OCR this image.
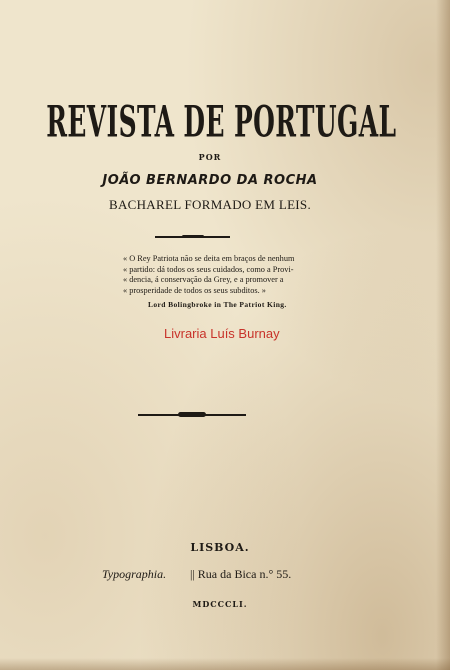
REVISTA DE PORTUGAL
POR
JOÃO BERNARDO DA ROCHA
BACHAREL FORMADO EM LEIS.
« O Rey Patriota não se deita em braços de nenhum
« partido: dá todos os seus cuidados, como a Provi-
« dencia, á conservação da Grey, e a promover a
« prosperidade de todos os seus subditos. »
Lord Bolingbroke in The Patriot King.
Livraria Luís Burnay
LISBOA.
Typographia. || Rua da Bica n.° 55.
MDCCCLI.
